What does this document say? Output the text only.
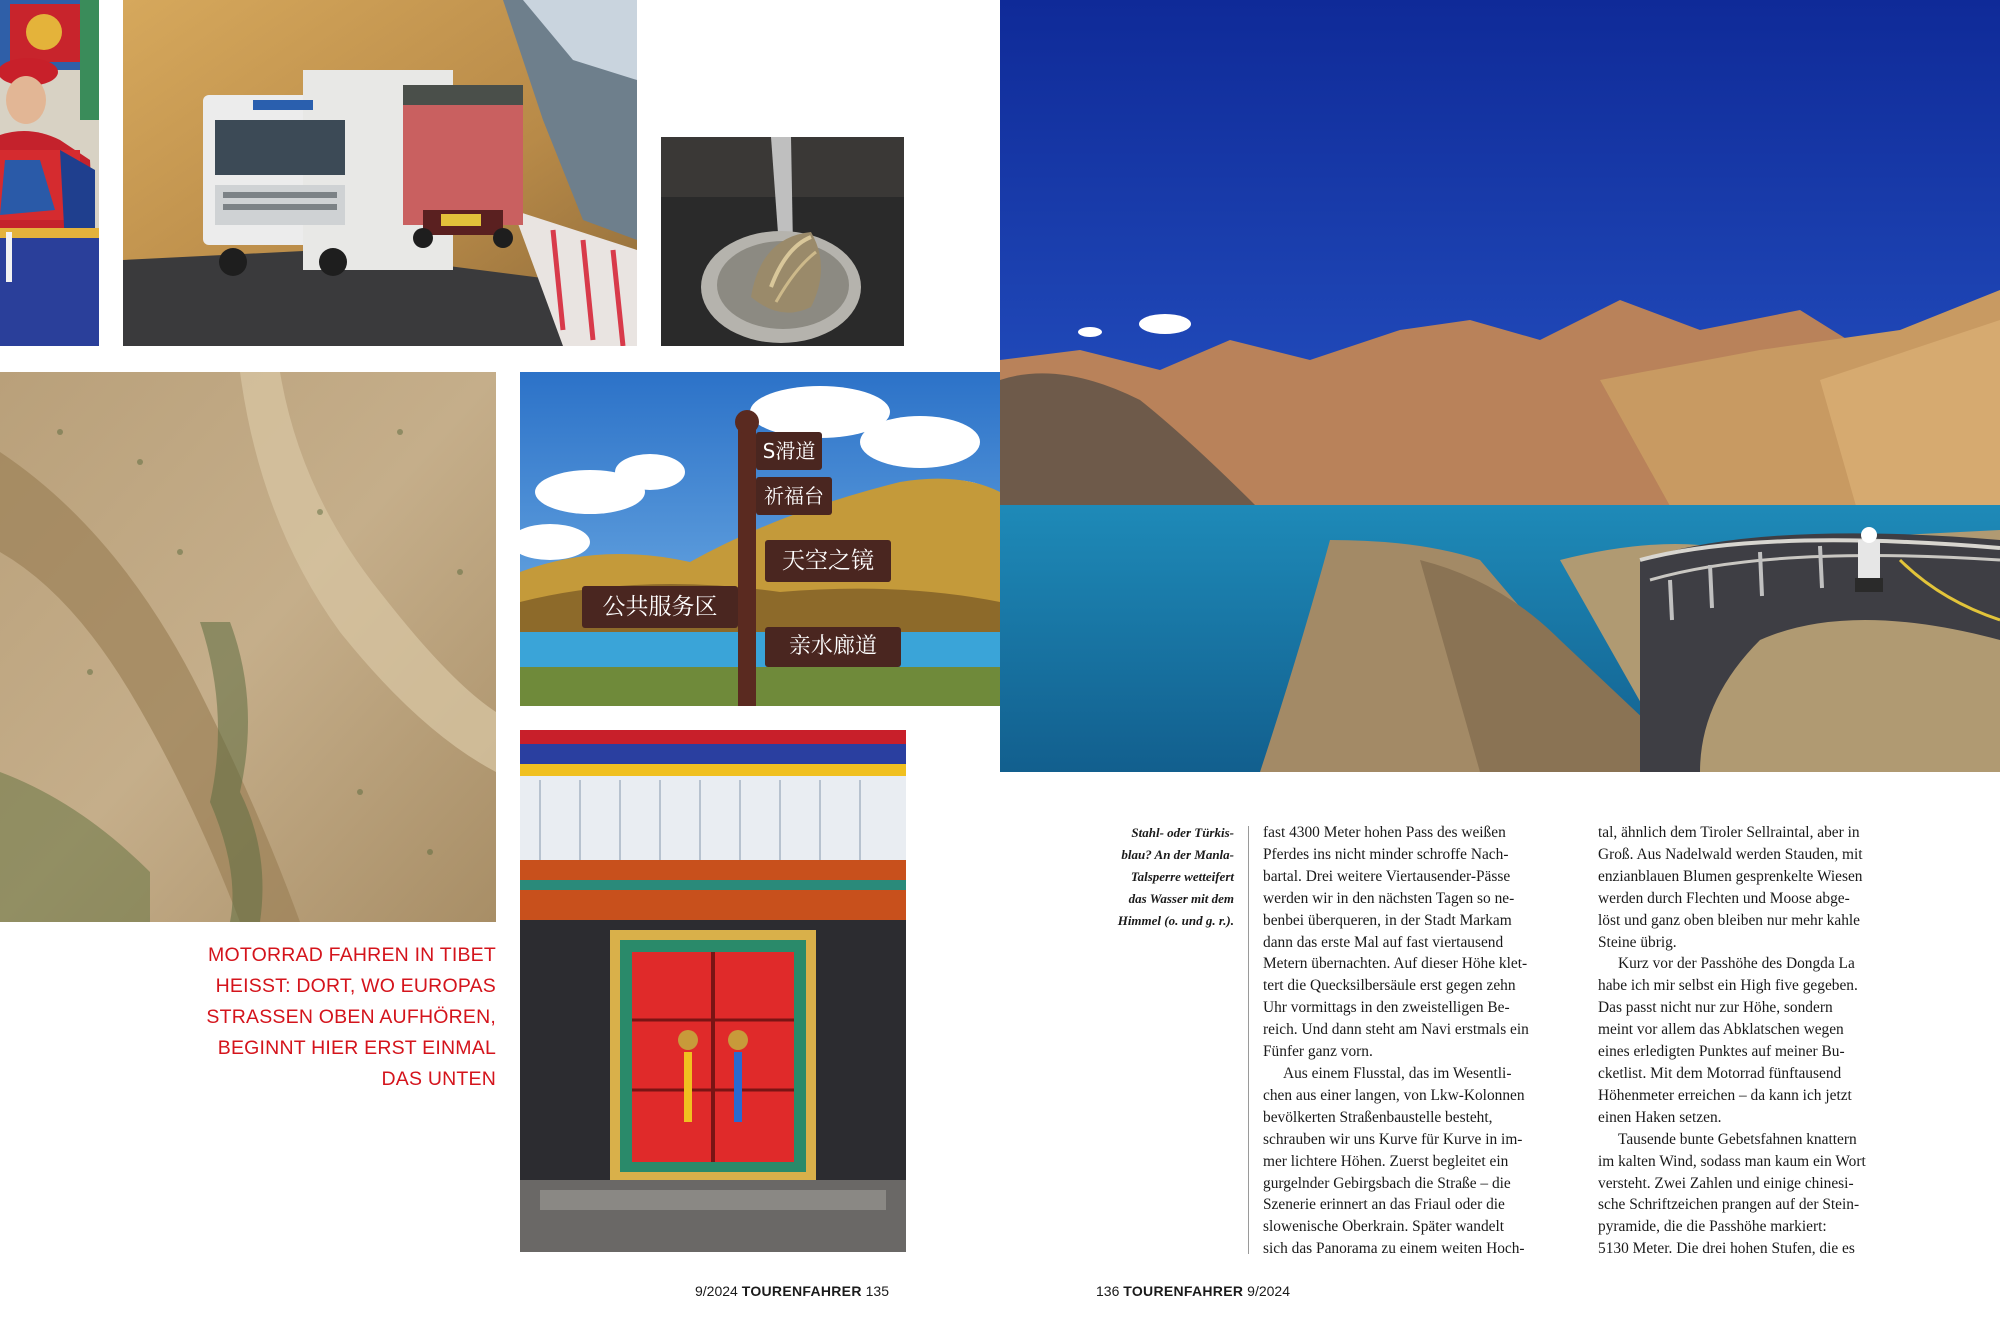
S滑道
祈福台
天空之镜
公共服务区
亲水廊道
MOTORRAD FAHREN IN TIBET
HEISST: DORT, WO EUROPAS
STRASSEN OBEN AUFHÖREN,
BEGINNT HIER ERST EINMAL
DAS UNTEN
Stahl- oder Türkis-
blau? An der Manla-
Talsperre wetteifert
das Wasser mit dem
Himmel (o. und g. r.).
fast 4300 Meter hohen Pass des weißen
Pferdes ins nicht minder schroffe Nach-
bartal. Drei weitere Viertausender-Pässe
werden wir in den nächsten Tagen so ne-
benbei überqueren, in der Stadt Markam
dann das erste Mal auf fast viertausend
Metern übernachten. Auf dieser Höhe klet-
tert die Quecksilbersäule erst gegen zehn
Uhr vormittags in den zweistelligen Be-
reich. Und dann steht am Navi erstmals ein
Fünfer ganz vorn.
Aus einem Flusstal, das im Wesentli-
chen aus einer langen, von Lkw-Kolonnen
bevölkerten Straßenbaustelle besteht,
schrauben wir uns Kurve für Kurve in im-
mer lichtere Höhen. Zuerst begleitet ein
gurgelnder Gebirgsbach die Straße – die
Szenerie erinnert an das Friaul oder die
slowenische Oberkrain. Später wandelt
sich das Panorama zu einem weiten Hoch-
tal, ähnlich dem Tiroler Sellraintal, aber in
Groß. Aus Nadelwald werden Stauden, mit
enzianblauen Blumen gesprenkelte Wiesen
werden durch Flechten und Moose abge-
löst und ganz oben bleiben nur mehr kahle
Steine übrig.
Kurz vor der Passhöhe des Dongda La
habe ich mir selbst ein High five gegeben.
Das passt nicht nur zur Höhe, sondern
meint vor allem das Abklatschen wegen
eines erledigten Punktes auf meiner Bu-
cketlist. Mit dem Motorrad fünftausend
Höhenmeter erreichen – da kann ich jetzt
einen Haken setzen.
Tausende bunte Gebetsfahnen knattern
im kalten Wind, sodass man kaum ein Wort
versteht. Zwei Zahlen und einige chinesi-
sche Schriftzeichen prangen auf der Stein-
pyramide, die die Passhöhe markiert:
5130 Meter. Die drei hohen Stufen, die es
9/2024 TOURENFAHRER 135	136 TOURENFAHRER 9/2024
